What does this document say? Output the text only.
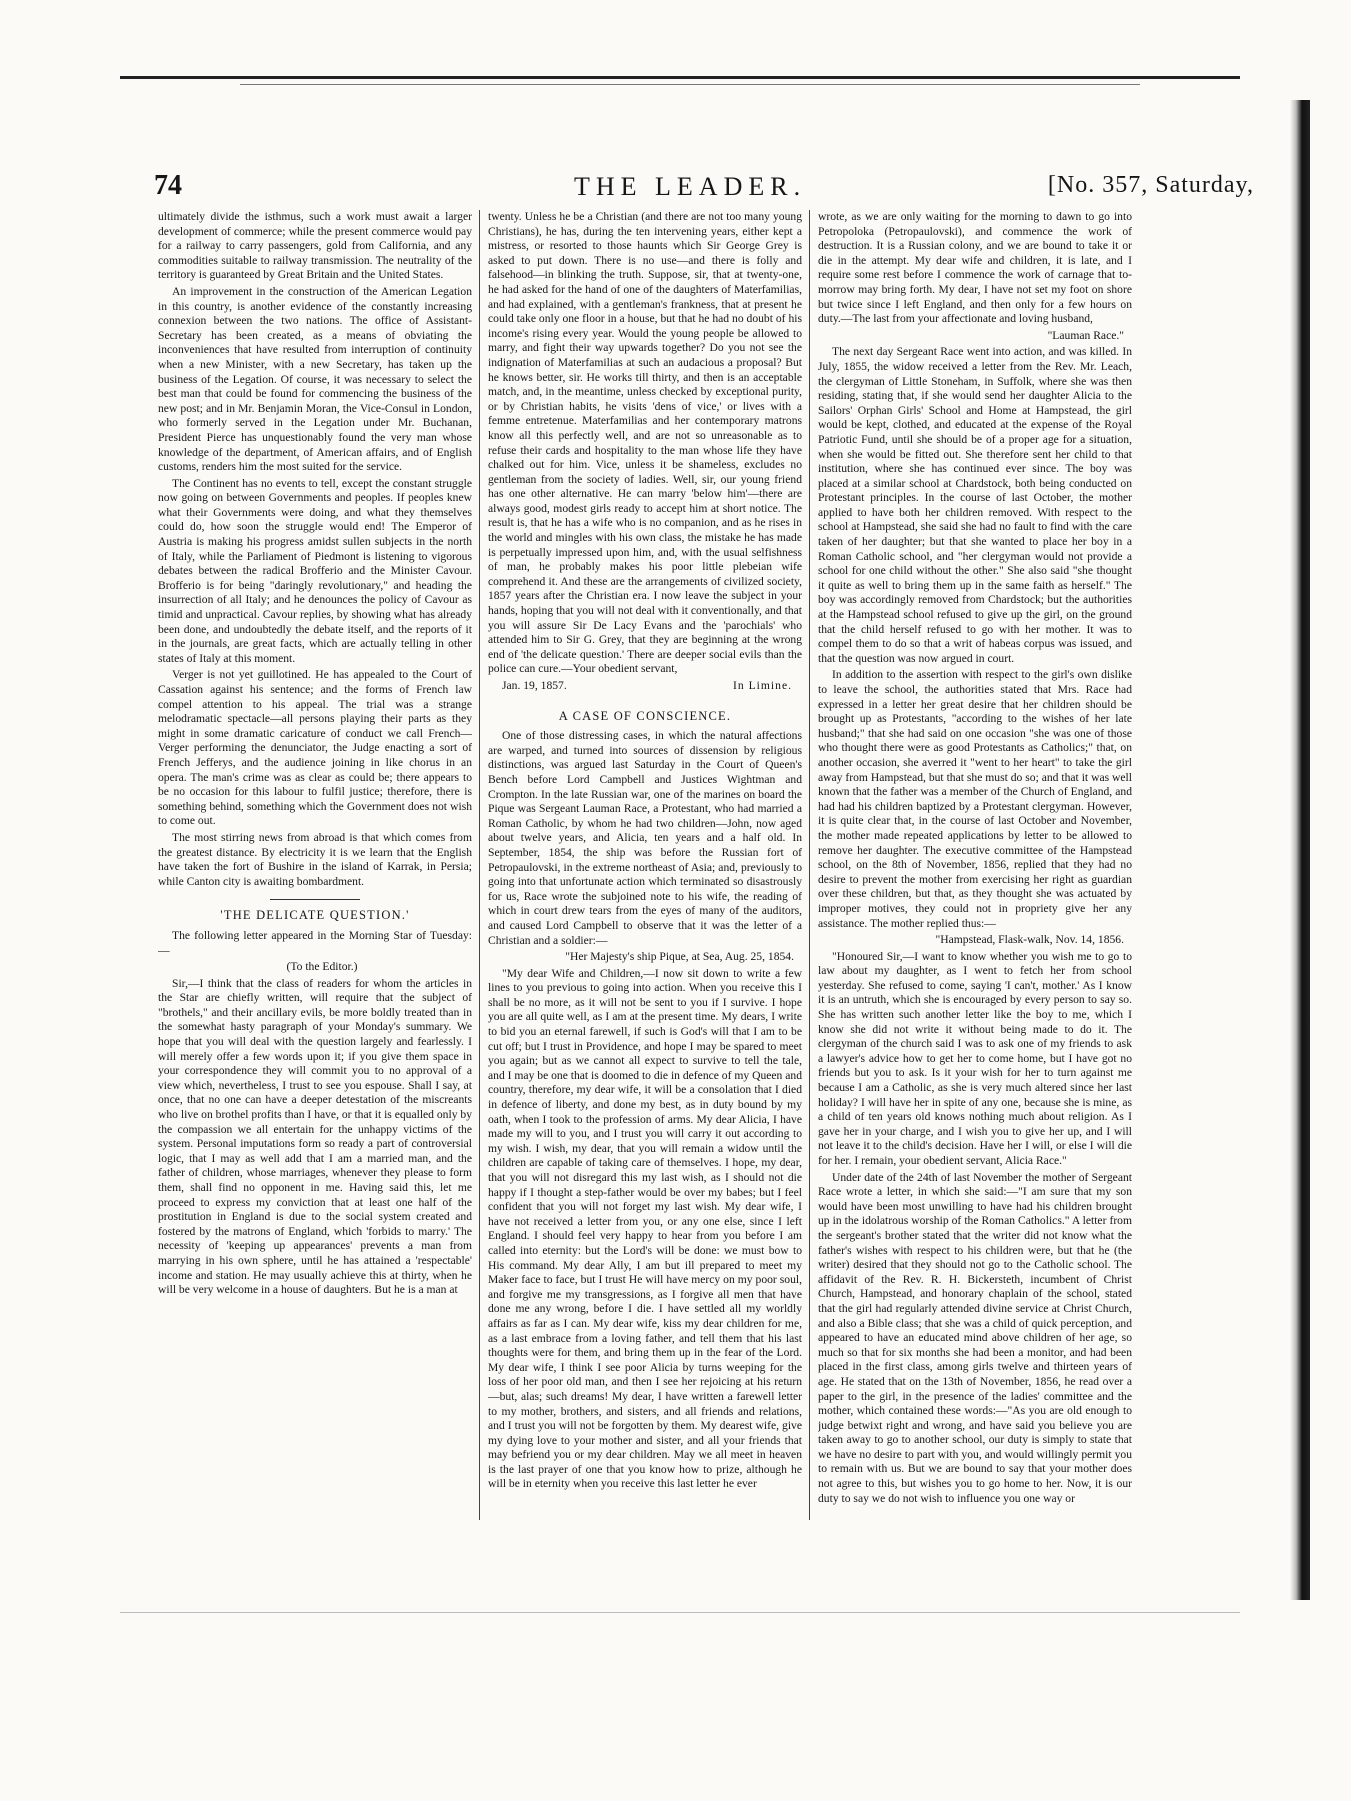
74	THE LEADER.	[No. 357, Saturday,

ultimately divide the isthmus, such a work must await a larger development of commerce; while the present commerce would pay for a railway to carry passengers, gold from California, and any commodities suitable to railway transmission. The neutrality of the territory is guaranteed by Great Britain and the United States.

An improvement in the construction of the American Legation in this country, is another evidence of the constantly increasing connexion between the two nations. The office of Assistant-Secretary has been created, as a means of obviating the inconveniences that have resulted from interruption of continuity when a new Minister, with a new Secretary, has taken up the business of the Legation. Of course, it was necessary to select the best man that could be found for commencing the business of the new post; and in Mr. Benjamin Moran, the Vice-Consul in London, who formerly served in the Legation under Mr. Buchanan, President Pierce has unquestionably found the very man whose knowledge of the department, of American affairs, and of English customs, renders him the most suited for the service.

The Continent has no events to tell, except the constant struggle now going on between Governments and peoples. If peoples knew what their Governments were doing, and what they themselves could do, how soon the struggle would end! The Emperor of Austria is making his progress amidst sullen subjects in the north of Italy, while the Parliament of Piedmont is listening to vigorous debates between the radical Brofferio and the Minister Cavour. Brofferio is for being "daringly revolutionary," and heading the insurrection of all Italy; and he denounces the policy of Cavour as timid and unpractical. Cavour replies, by showing what has already been done, and undoubtedly the debate itself, and the reports of it in the journals, are great facts, which are actually telling in other states of Italy at this moment.

Verger is not yet guillotined. He has appealed to the Court of Cassation against his sentence; and the forms of French law compel attention to his appeal. The trial was a strange melodramatic spectacle—all persons playing their parts as they might in some dramatic caricature of conduct we call French—Verger performing the denunciator, the Judge enacting a sort of French Jefferys, and the audience joining in like chorus in an opera. The man's crime was as clear as could be; there appears to be no occasion for this labour to fulfil justice; therefore, there is something behind, something which the Government does not wish to come out.

The most stirring news from abroad is that which comes from the greatest distance. By electricity it is we learn that the English have taken the fort of Bushire in the island of Karrak, in Persia; while Canton city is awaiting bombardment.

'THE DELICATE QUESTION.'

The following letter appeared in the Morning Star of Tuesday:—

(To the Editor.)

Sir,—I think that the class of readers for whom the articles in the Star are chiefly written, will require that the subject of "brothels," and their ancillary evils, be more boldly treated than in the somewhat hasty paragraph of your Monday's summary. We hope that you will deal with the question largely and fearlessly. I will merely offer a few words upon it; if you give them space in your correspondence they will commit you to no approval of a view which, nevertheless, I trust to see you espouse. Shall I say, at once, that no one can have a deeper detestation of the miscreants who live on brothel profits than I have, or that it is equalled only by the compassion we all entertain for the unhappy victims of the system. Personal imputations form so ready a part of controversial logic, that I may as well add that I am a married man, and the father of children, whose marriages, whenever they please to form them, shall find no opponent in me. Having said this, let me proceed to express my conviction that at least one half of the prostitution in England is due to the social system created and fostered by the matrons of England, which 'forbids to marry.' The necessity of 'keeping up appearances' prevents a man from marrying in his own sphere, until he has attained a 'respectable' income and station. He may usually achieve this at thirty, when he will be very welcome in a house of daughters. But he is a man at

twenty. Unless he be a Christian (and there are not too many young Christians), he has, during the ten intervening years, either kept a mistress, or resorted to those haunts which Sir George Grey is asked to put down. There is no use—and there is folly and falsehood—in blinking the truth. Suppose, sir, that at twenty-one, he had asked for the hand of one of the daughters of Materfamilias, and had explained, with a gentleman's frankness, that at present he could take only one floor in a house, but that he had no doubt of his income's rising every year. Would the young people be allowed to marry, and fight their way upwards together? Do you not see the indignation of Materfamilias at such an audacious a proposal? But he knows better, sir. He works till thirty, and then is an acceptable match, and, in the meantime, unless checked by exceptional purity, or by Christian habits, he visits 'dens of vice,' or lives with a femme entretenue. Materfamilias and her contemporary matrons know all this perfectly well, and are not so unreasonable as to refuse their cards and hospitality to the man whose life they have chalked out for him. Vice, unless it be shameless, excludes no gentleman from the society of ladies. Well, sir, our young friend has one other alternative. He can marry 'below him'—there are always good, modest girls ready to accept him at short notice. The result is, that he has a wife who is no companion, and as he rises in the world and mingles with his own class, the mistake he has made is perpetually impressed upon him, and, with the usual selfishness of man, he probably makes his poor little plebeian wife comprehend it. And these are the arrangements of civilized society, 1857 years after the Christian era. I now leave the subject in your hands, hoping that you will not deal with it conventionally, and that you will assure Sir De Lacy Evans and the 'parochials' who attended him to Sir G. Grey, that they are beginning at the wrong end of 'the delicate question.' There are deeper social evils than the police can cure.—Your obedient servant,

Jan. 19, 1857.	In Limine.
A CASE OF CONSCIENCE.

One of those distressing cases, in which the natural affections are warped, and turned into sources of dissension by religious distinctions, was argued last Saturday in the Court of Queen's Bench before Lord Campbell and Justices Wightman and Crompton. In the late Russian war, one of the marines on board the Pique was Sergeant Lauman Race, a Protestant, who had married a Roman Catholic, by whom he had two children—John, now aged about twelve years, and Alicia, ten years and a half old. In September, 1854, the ship was before the Russian fort of Petropaulovski, in the extreme northeast of Asia; and, previously to going into that unfortunate action which terminated so disastrously for us, Race wrote the subjoined note to his wife, the reading of which in court drew tears from the eyes of many of the auditors, and caused Lord Campbell to observe that it was the letter of a Christian and a soldier:—

"Her Majesty's ship Pique, at Sea, Aug. 25, 1854.

"My dear Wife and Children,—I now sit down to write a few lines to you previous to going into action. When you receive this I shall be no more, as it will not be sent to you if I survive. I hope you are all quite well, as I am at the present time. My dears, I write to bid you an eternal farewell, if such is God's will that I am to be cut off; but I trust in Providence, and hope I may be spared to meet you again; but as we cannot all expect to survive to tell the tale, and I may be one that is doomed to die in defence of my Queen and country, therefore, my dear wife, it will be a consolation that I died in defence of liberty, and done my best, as in duty bound by my oath, when I took to the profession of arms. My dear Alicia, I have made my will to you, and I trust you will carry it out according to my wish. I wish, my dear, that you will remain a widow until the children are capable of taking care of themselves. I hope, my dear, that you will not disregard this my last wish, as I should not die happy if I thought a step-father would be over my babes; but I feel confident that you will not forget my last wish. My dear wife, I have not received a letter from you, or any one else, since I left England. I should feel very happy to hear from you before I am called into eternity: but the Lord's will be done: we must bow to His command. My dear Ally, I am but ill prepared to meet my Maker face to face, but I trust He will have mercy on my poor soul, and forgive me my transgressions, as I forgive all men that have done me any wrong, before I die. I have settled all my worldly affairs as far as I can. My dear wife, kiss my dear children for me, as a last embrace from a loving father, and tell them that his last thoughts were for them, and bring them up in the fear of the Lord. My dear wife, I think I see poor Alicia by turns weeping for the loss of her poor old man, and then I see her rejoicing at his return—but, alas; such dreams! My dear, I have written a farewell letter to my mother, brothers, and sisters, and all friends and relations, and I trust you will not be forgotten by them. My dearest wife, give my dying love to your mother and sister, and all your friends that may befriend you or my dear children. May we all meet in heaven is the last prayer of one that you know how to prize, although he will be in eternity when you receive this last letter he ever

wrote, as we are only waiting for the morning to dawn to go into Petropoloka (Petropaulovski), and commence the work of destruction. It is a Russian colony, and we are bound to take it or die in the attempt. My dear wife and children, it is late, and I require some rest before I commence the work of carnage that to-morrow may bring forth. My dear, I have not set my foot on shore but twice since I left England, and then only for a few hours on duty.—The last from your affectionate and loving husband,

"Lauman Race."

The next day Sergeant Race went into action, and was killed. In July, 1855, the widow received a letter from the Rev. Mr. Leach, the clergyman of Little Stoneham, in Suffolk, where she was then residing, stating that, if she would send her daughter Alicia to the Sailors' Orphan Girls' School and Home at Hampstead, the girl would be kept, clothed, and educated at the expense of the Royal Patriotic Fund, until she should be of a proper age for a situation, when she would be fitted out. She therefore sent her child to that institution, where she has continued ever since. The boy was placed at a similar school at Chardstock, both being conducted on Protestant principles. In the course of last October, the mother applied to have both her children removed. With respect to the school at Hampstead, she said she had no fault to find with the care taken of her daughter; but that she wanted to place her boy in a Roman Catholic school, and "her clergyman would not provide a school for one child without the other." She also said "she thought it quite as well to bring them up in the same faith as herself." The boy was accordingly removed from Chardstock; but the authorities at the Hampstead school refused to give up the girl, on the ground that the child herself refused to go with her mother. It was to compel them to do so that a writ of habeas corpus was issued, and that the question was now argued in court.

In addition to the assertion with respect to the girl's own dislike to leave the school, the authorities stated that Mrs. Race had expressed in a letter her great desire that her children should be brought up as Protestants, "according to the wishes of her late husband;" that she had said on one occasion "she was one of those who thought there were as good Protestants as Catholics;" that, on another occasion, she averred it "went to her heart" to take the girl away from Hampstead, but that she must do so; and that it was well known that the father was a member of the Church of England, and had had his children baptized by a Protestant clergyman. However, it is quite clear that, in the course of last October and November, the mother made repeated applications by letter to be allowed to remove her daughter. The executive committee of the Hampstead school, on the 8th of November, 1856, replied that they had no desire to prevent the mother from exercising her right as guardian over these children, but that, as they thought she was actuated by improper motives, they could not in propriety give her any assistance. The mother replied thus:—

"Hampstead, Flask-walk, Nov. 14, 1856.

"Honoured Sir,—I want to know whether you wish me to go to law about my daughter, as I went to fetch her from school yesterday. She refused to come, saying 'I can't, mother.' As I know it is an untruth, which she is encouraged by every person to say so. She has written such another letter like the boy to me, which I know she did not write it without being made to do it. The clergyman of the church said I was to ask one of my friends to ask a lawyer's advice how to get her to come home, but I have got no friends but you to ask. Is it your wish for her to turn against me because I am a Catholic, as she is very much altered since her last holiday? I will have her in spite of any one, because she is mine, as a child of ten years old knows nothing much about religion. As I gave her in your charge, and I wish you to give her up, and I will not leave it to the child's decision. Have her I will, or else I will die for her. I remain, your obedient servant, Alicia Race."

Under date of the 24th of last November the mother of Sergeant Race wrote a letter, in which she said:—"I am sure that my son would have been most unwilling to have had his children brought up in the idolatrous worship of the Roman Catholics." A letter from the sergeant's brother stated that the writer did not know what the father's wishes with respect to his children were, but that he (the writer) desired that they should not go to the Catholic school. The affidavit of the Rev. R. H. Bickersteth, incumbent of Christ Church, Hampstead, and honorary chaplain of the school, stated that the girl had regularly attended divine service at Christ Church, and also a Bible class; that she was a child of quick perception, and appeared to have an educated mind above children of her age, so much so that for six months she had been a monitor, and had been placed in the first class, among girls twelve and thirteen years of age. He stated that on the 13th of November, 1856, he read over a paper to the girl, in the presence of the ladies' committee and the mother, which contained these words:—"As you are old enough to judge betwixt right and wrong, and have said you believe you are taken away to go to another school, our duty is simply to state that we have no desire to part with you, and would willingly permit you to remain with us. But we are bound to say that your mother does not agree to this, but wishes you to go home to her. Now, it is our duty to say we do not wish to influence you one way or
